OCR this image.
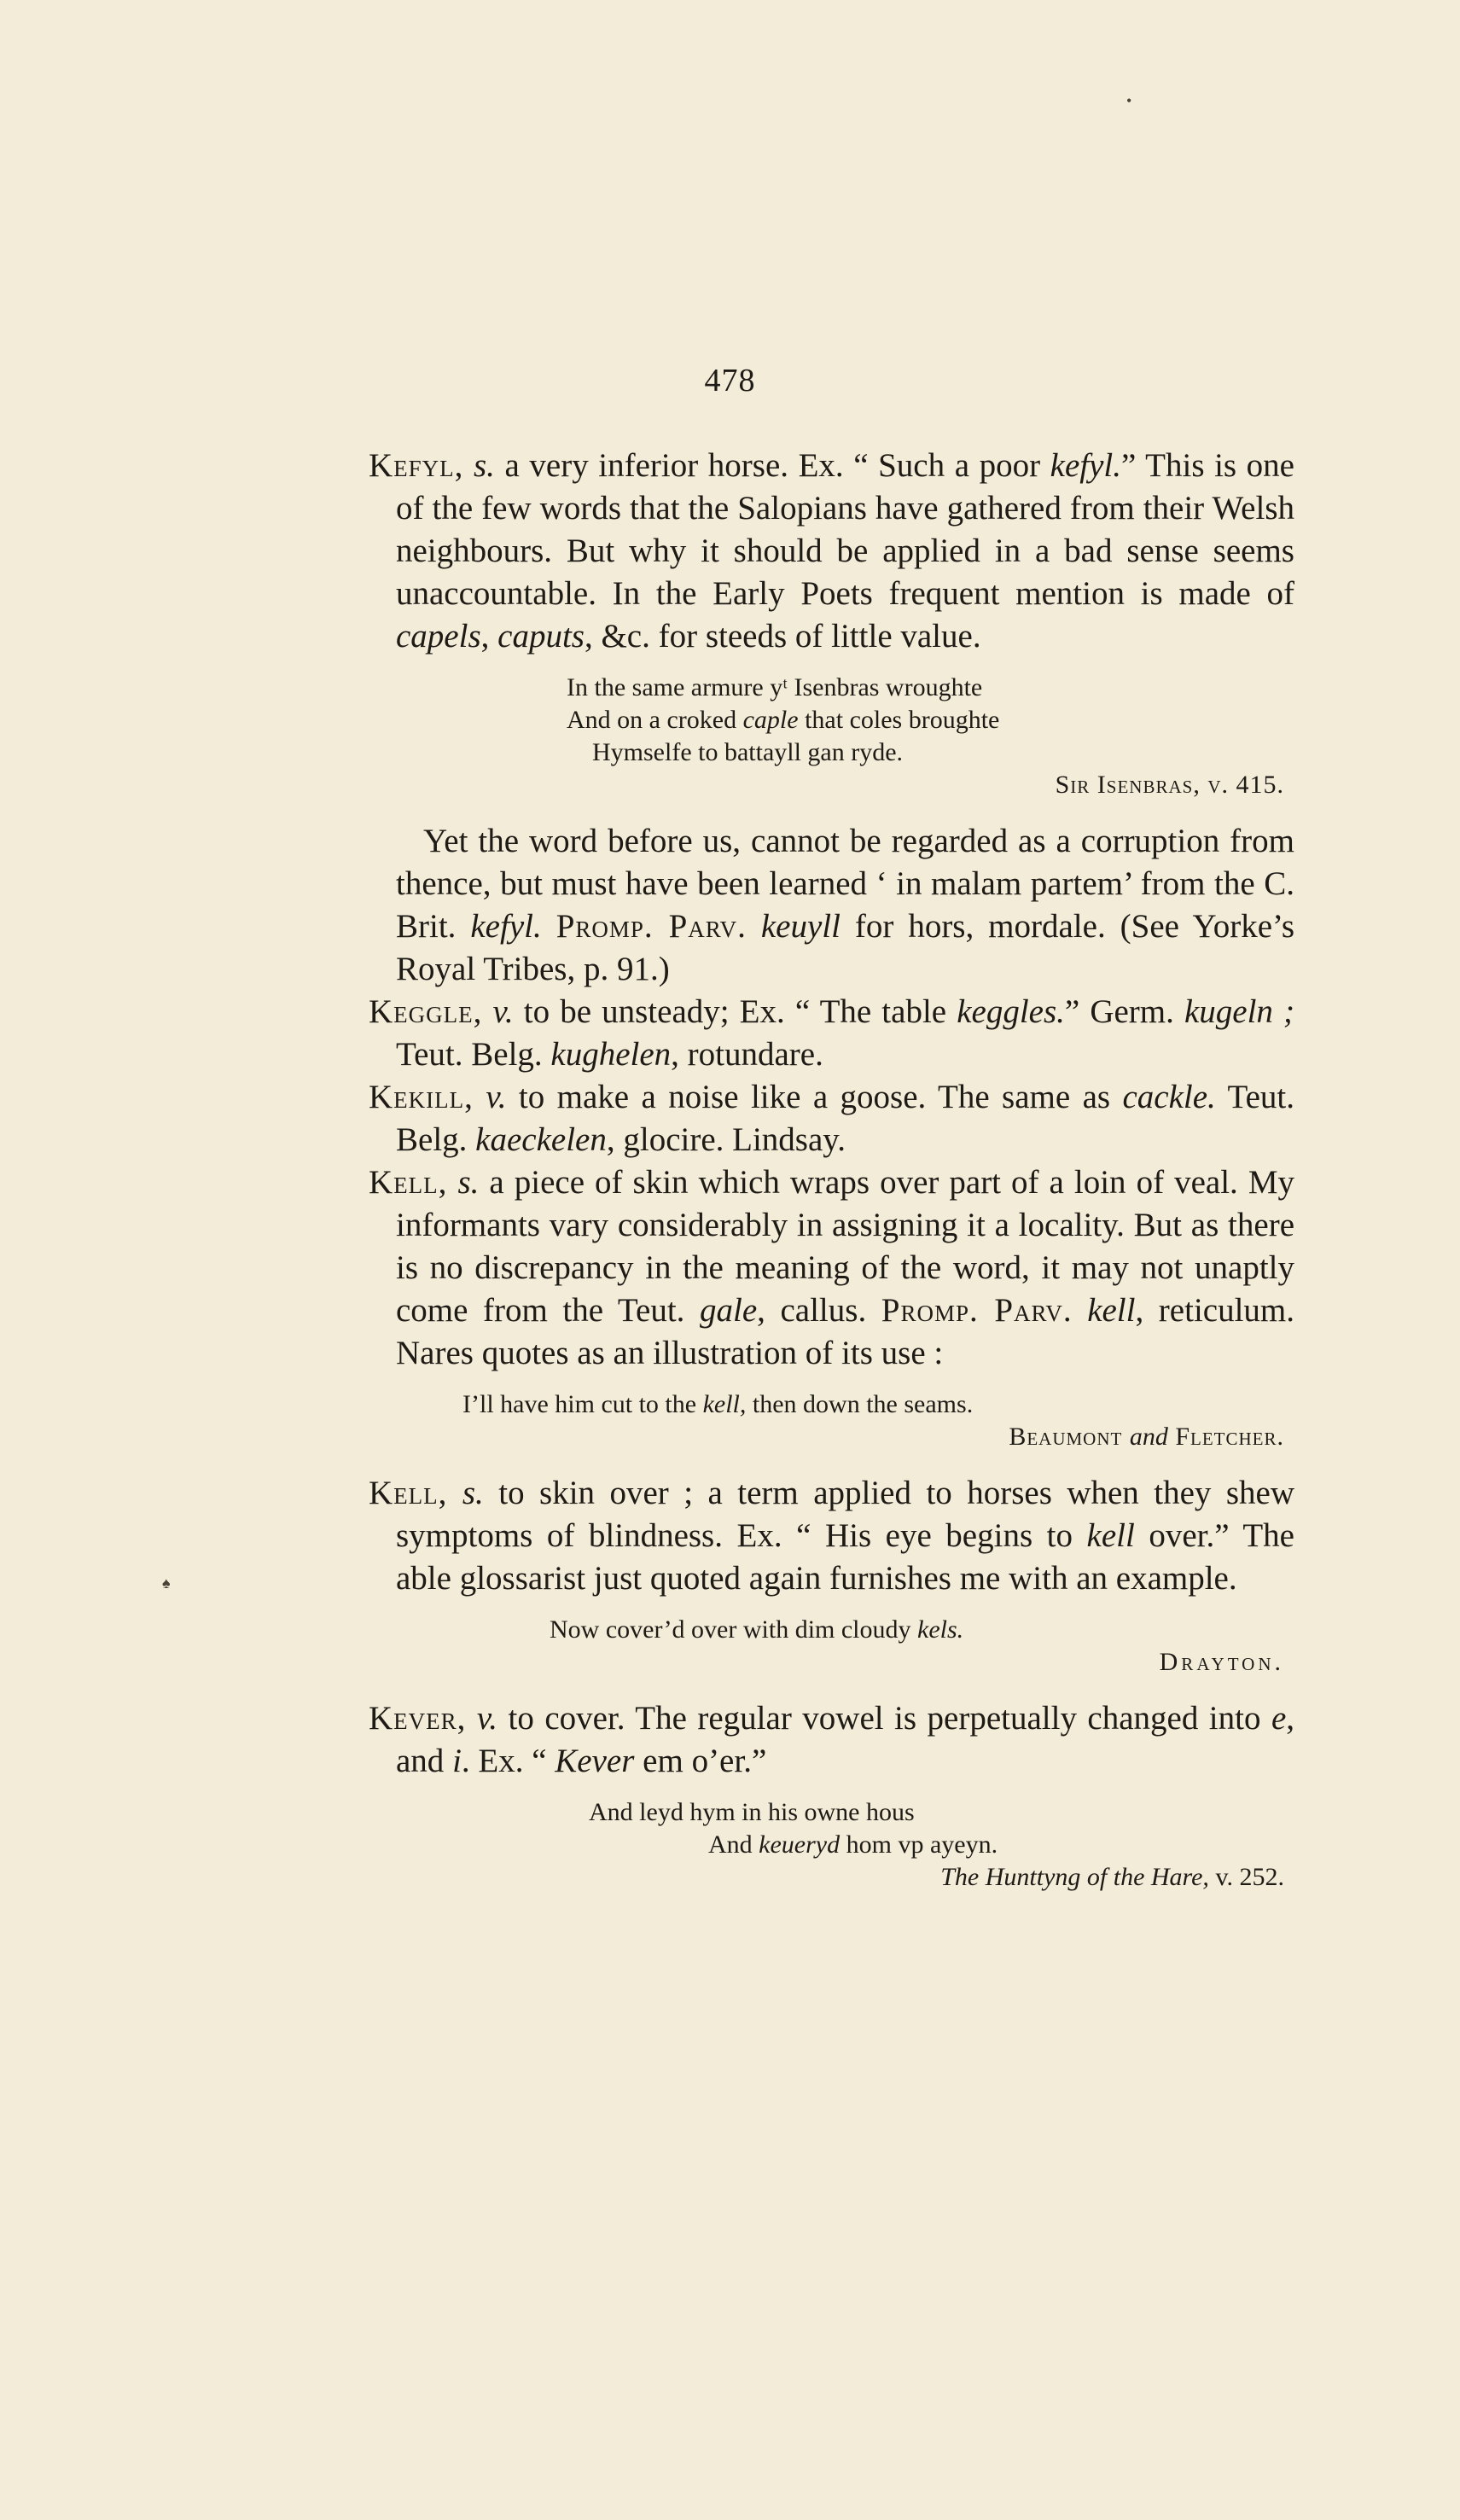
478
•
♠

Kefyl, s. a very inferior horse. Ex. “ Such a poor kefyl.” This is one of the few words that the Salopians have gathered from their Welsh neighbours. But why it should be applied in a bad sense seems unaccountable. In the Early Poets frequent mention is made of capels, caputs, &c. for steeds of little value.

In the same armure yᵗ Isenbras wroughte
And on a croked caple that coles broughte
Hymselfe to battayll gan ryde.
Sir Isenbras, v. 415.

Yet the word before us, cannot be regarded as a corruption from thence, but must have been learned ‘ in malam partem’ from the C. Brit. kefyl. Promp. Parv. keuyll for hors, mordale. (See Yorke’s Royal Tribes, p. 91.)

Keggle, v. to be unsteady; Ex. “ The table keggles.” Germ. kugeln ; Teut. Belg. kughelen, rotundare.

Kekill, v. to make a noise like a goose. The same as cackle. Teut. Belg. kaeckelen, glocire. Lindsay.

Kell, s. a piece of skin which wraps over part of a loin of veal. My informants vary considerably in assigning it a locality. But as there is no discrepancy in the meaning of the word, it may not unaptly come from the Teut. gale, callus. Promp. Parv. kell, reticulum. Nares quotes as an illustration of its use :

I’ll have him cut to the kell, then down the seams.
Beaumont and Fletcher.

Kell, s. to skin over ; a term applied to horses when they shew symptoms of blindness. Ex. “ His eye begins to kell over.” The able glossarist just quoted again furnishes me with an example.

Now cover’d over with dim cloudy kels.
Drayton.

Kever, v. to cover. The regular vowel is perpetually changed into e, and i. Ex. “ Kever em o’er.”

And leyd hym in his owne hous
And keueryd hom vp ayeyn.
The Hunttyng of the Hare, v. 252.
